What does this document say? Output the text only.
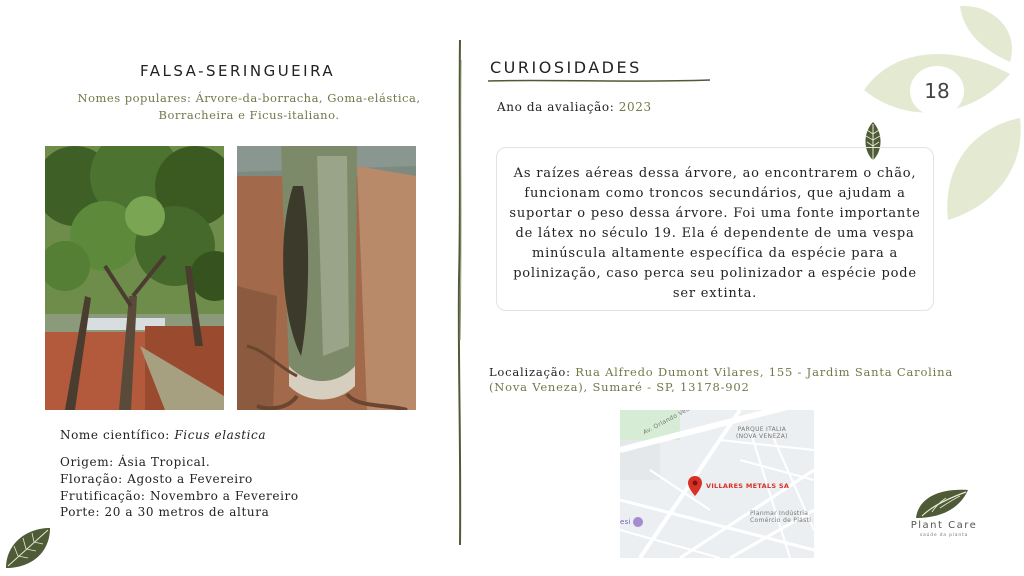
18
FALSA-SERINGUEIRA
Nomes populares: Árvore-da-borracha, Goma-elástica, Borracheira e Ficus-italiano.
Nome científico: Ficus elastica
Origem: Ásia Tropical.
Floração: Agosto a Fevereiro
Frutificação: Novembro a Fevereiro
Porte: 20 a 30 metros de altura
CURIOSIDADES
Ano da avaliação: 2023
As raízes aéreas dessa árvore, ao encontrarem o chão, funcionam como troncos secundários, que ajudam a suportar o peso dessa árvore. Foi uma fonte importante de látex no século 19. Ela é dependente de uma vespa minúscula altamente específica da espécie para a polinização, caso perca seu polinizador a espécie pode ser extinta.
Localização: Rua Alfredo Dumont Vilares, 155 - Jardim Santa Carolina (Nova Veneza), Sumaré - SP, 13178-902
Av. Orlando	PARQUE ITALIA
(NOVA VENEZA)
VILLARES METALS SA
Planmar Indústria
Comércio de Plásti
esi	Plant Care
saúde da planta
